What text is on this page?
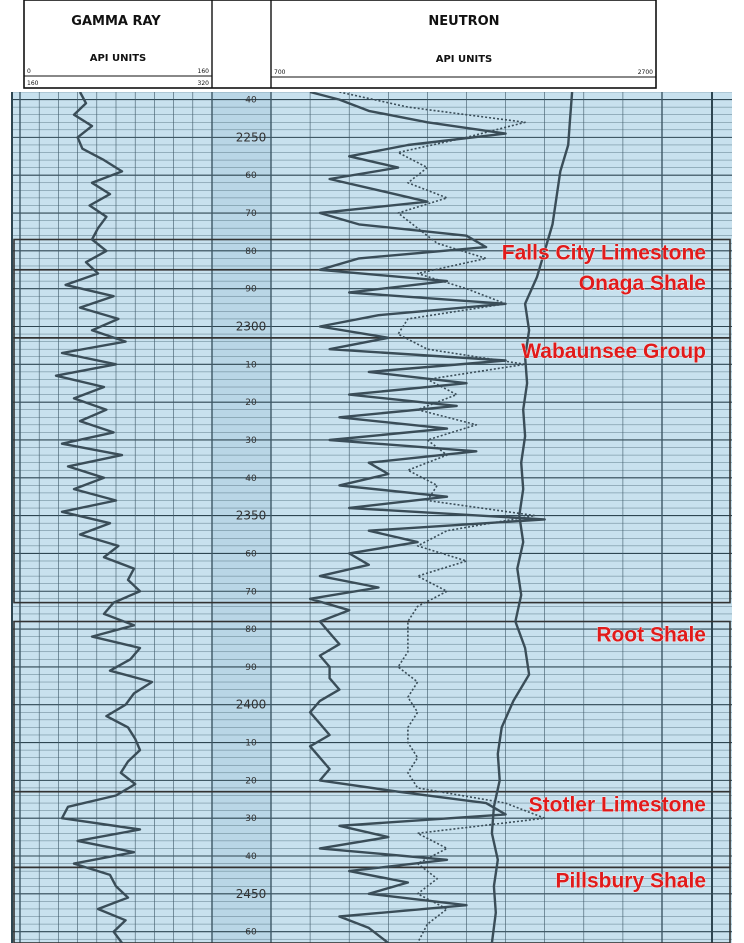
40
2250
60
70
80
90
2300
10
20
30
40
2350
60
70
80
90
2400
10
20
30
40
2450
60
Falls City Limestone
Onaga Shale
Wabaunsee Group
Root Shale
Stotler Limestone
Pillsbury Shale
GAMMA RAY
API UNITS
0	160
160	320
NEUTRON
API UNITS
700	2700
